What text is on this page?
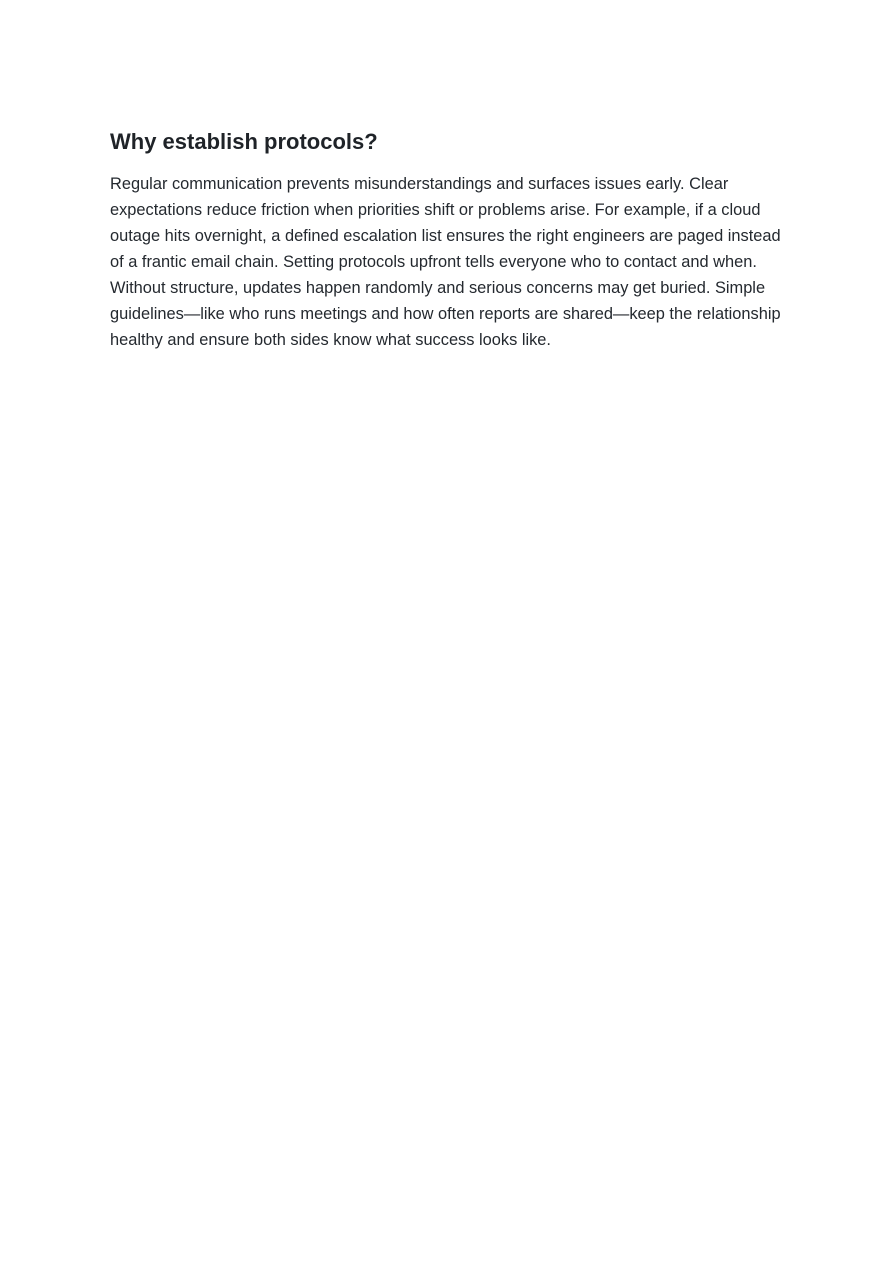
Why establish protocols?

Regular communication prevents misunderstandings and surfaces issues early. Clear expectations reduce friction when priorities shift or problems arise. For example, if a cloud outage hits overnight, a defined escalation list ensures the right engineers are paged instead of a frantic email chain. Setting protocols upfront tells everyone who to contact and when. Without structure, updates happen randomly and serious concerns may get buried. Simple guidelines—like who runs meetings and how often reports are shared—keep the relationship healthy and ensure both sides know what success looks like.
